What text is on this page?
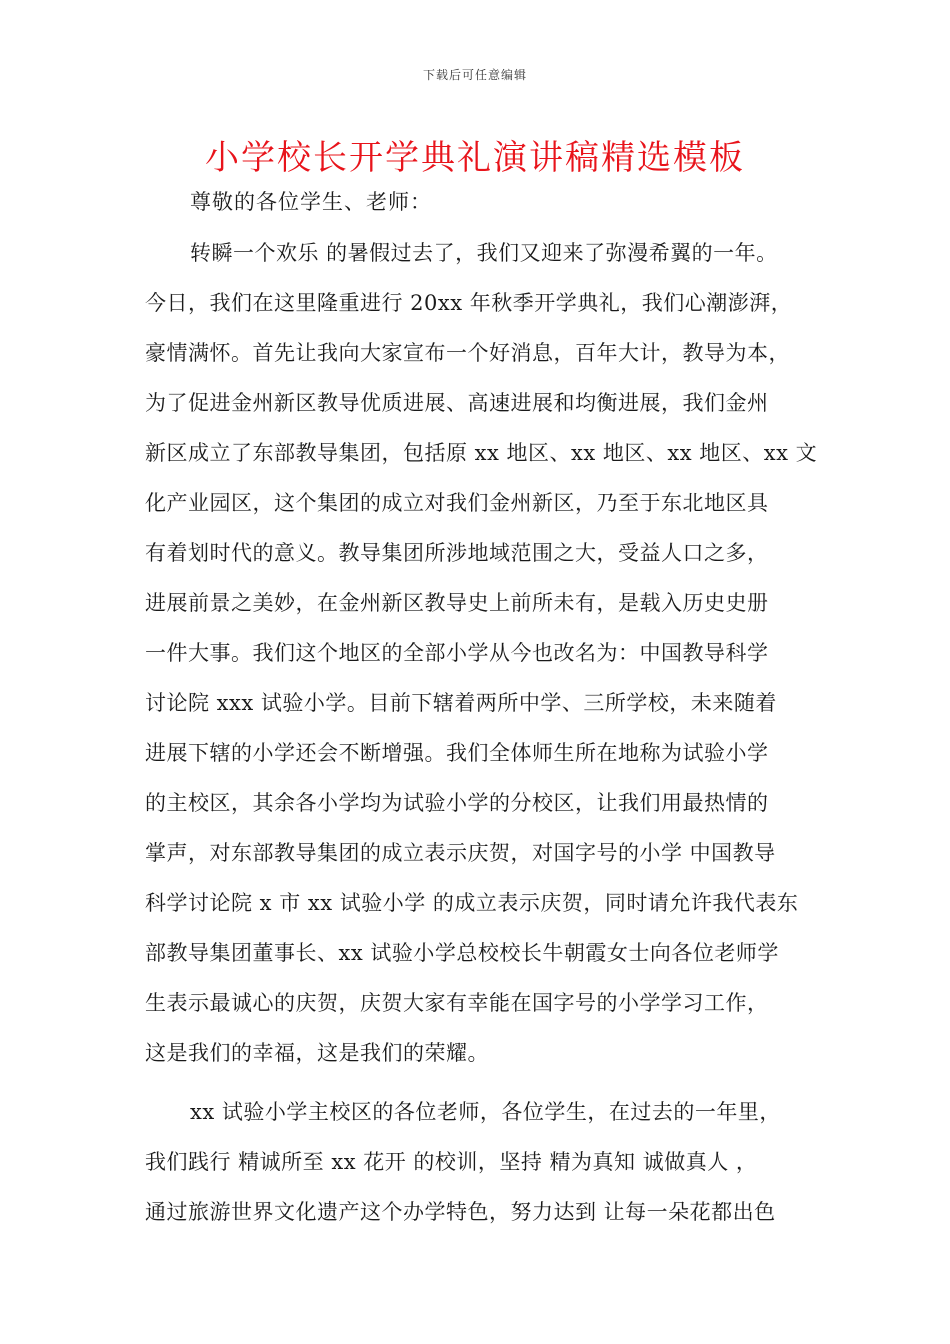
下载后可任意编辑
小学校长开学典礼演讲稿精选模板
尊敬的各位学生、老师：
转瞬一个欢乐 的暑假过去了，我们又迎来了弥漫希翼的一年。
今日，我们在这里隆重进行 20xx 年秋季开学典礼，我们心潮澎湃，
豪情满怀。首先让我向大家宣布一个好消息，百年大计，教导为本，
为了促进金州新区教导优质进展、高速进展和均衡进展，我们金州
新区成立了东部教导集团，包括原 xx 地区、xx 地区、xx 地区、xx 文
化产业园区，这个集团的成立对我们金州新区，乃至于东北地区具
有着划时代的意义。教导集团所涉地域范围之大，受益人口之多，
进展前景之美妙，在金州新区教导史上前所未有，是载入历史史册
一件大事。我们这个地区的全部小学从今也改名为：中国教导科学
讨论院 xxx 试验小学。目前下辖着两所中学、三所学校，未来随着
进展下辖的小学还会不断增强。我们全体师生所在地称为试验小学
的主校区，其余各小学均为试验小学的分校区，让我们用最热情的
掌声，对东部教导集团的成立表示庆贺，对国字号的小学 中国教导
科学讨论院 x 市 xx 试验小学 的成立表示庆贺，同时请允许我代表东
部教导集团董事长、xx 试验小学总校校长牛朝霞女士向各位老师学
生表示最诚心的庆贺，庆贺大家有幸能在国字号的小学学习工作，
这是我们的幸福，这是我们的荣耀。
xx 试验小学主校区的各位老师，各位学生，在过去的一年里，
我们践行 精诚所至 xx 花开 的校训，坚持 精为真知 诚做真人 ，
通过旅游世界文化遗产这个办学特色，努力达到 让每一朵花都出色
